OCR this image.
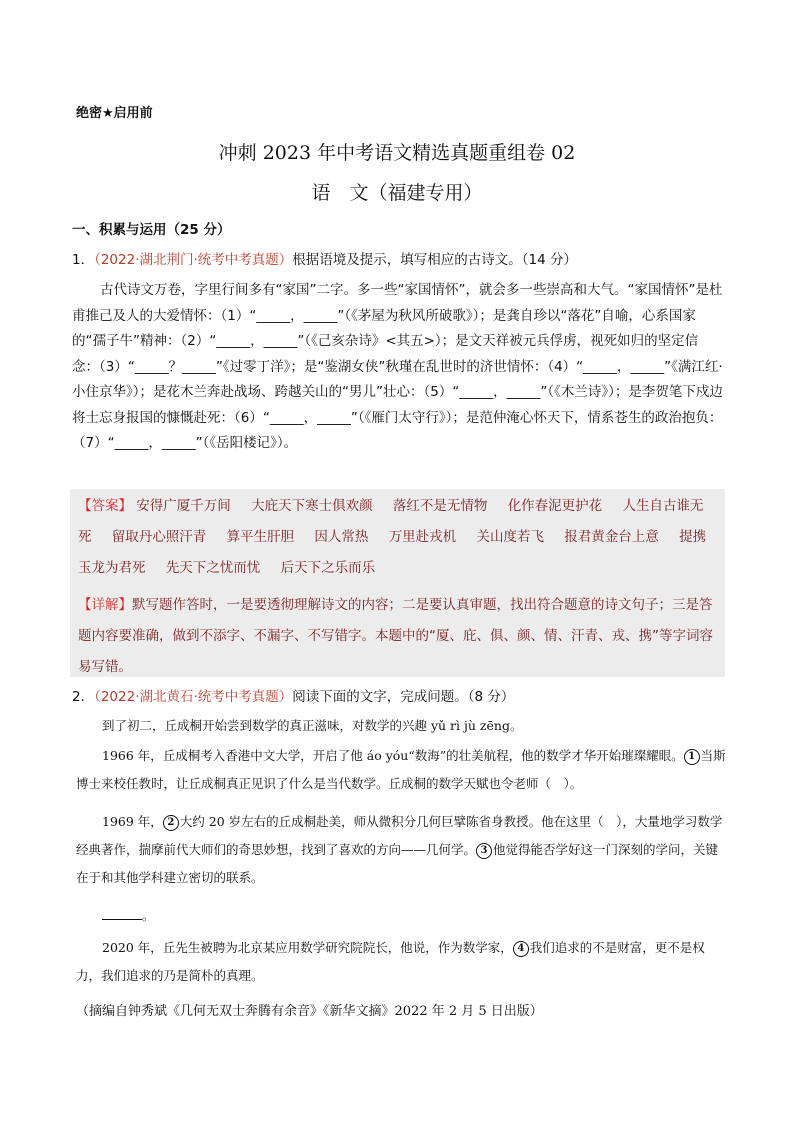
绝密★启用前
冲刺 2023 年中考语文精选真题重组卷 02
语　文（福建专用）
一、积累与运用（25 分）
1．（2022·湖北荆门·统考中考真题）根据语境及提示，填写相应的古诗文。（14 分）
古代诗文万卷，字里行间多有“家国”二字。多一些“家国情怀”，就会多一些崇高和大气。“家国情怀”是杜甫推己及人的大爱情怀：（1）“_____，_____”（《茅屋为秋风所破歌》）；是龚自珍以“落花”自喻，心系国家的“孺子牛”精神：（2）“_____，_____”（《己亥杂诗》<其五>）；是文天祥被元兵俘虏，视死如归的坚定信念：（3）“_____？_____”《过零丁洋》；是“鉴湖女侠”秋瑾在乱世时的济世情怀：（4）“_____，_____”《满江红·小住京华》）；是花木兰奔赴战场、跨越关山的“男儿”壮心：（5）“_____，_____”（《木兰诗》）；是李贺笔下戍边将士忘身报国的慷慨赴死：（6）“_____，_____”（《雁门太守行》）；是范仲淹心怀天下，情系苍生的政治抱负：（7）“_____，_____”（《岳阳楼记》）。
【答案】 安得广厦千万间 大庇天下寒士俱欢颜 落红不是无情物 化作春泥更护花 人生自古谁无死 留取丹心照汗青 算平生肝胆 因人常热 万里赴戎机 关山度若飞 报君黄金台上意 提携玉龙为君死 先天下之忧而忧 后天下之乐而乐
【详解】默写题作答时，一是要透彻理解诗文的内容；二是要认真审题，找出符合题意的诗文句子；三是答题内容要准确，做到不添字、不漏字、不写错字。本题中的“厦、庇、俱、颜、情、汗青、戎、携”等字词容易写错。
2．（2022·湖北黄石·统考中考真题）阅读下面的文字，完成问题。（8 分）
到了初二，丘成桐开始尝到数学的真正滋味，对数学的兴趣 yǔ rì jù zēng。
1966 年，丘成桐考入香港中文大学，开启了他 áo yóu“数海”的壮美航程，他的数学才华开始璀璨耀眼。 1 当斯博士来校任教时，让丘成桐真正见识了什么是当代数学。丘成桐的数学天赋也令老师（　）。
1969 年， 2 大约 20 岁左右的丘成桐赴美，师从微积分几何巨擘陈省身教授。他在这里（　），大量地学习数学经典著作，揣摩前代大师们的奇思妙想，找到了喜欢的方向——几何学。 3 他觉得能否学好这一门深刻的学问，关键在于和其他学科建立密切的联系。
。
2020 年，丘先生被聘为北京某应用数学研究院院长，他说，作为数学家， 4 我们追求的不是财富，更不是权力，我们追求的乃是简朴的真理。
（摘编自钟秀斌《几何无双士奔腾有余音》《新华文摘》2022 年 2 月 5 日出版）
